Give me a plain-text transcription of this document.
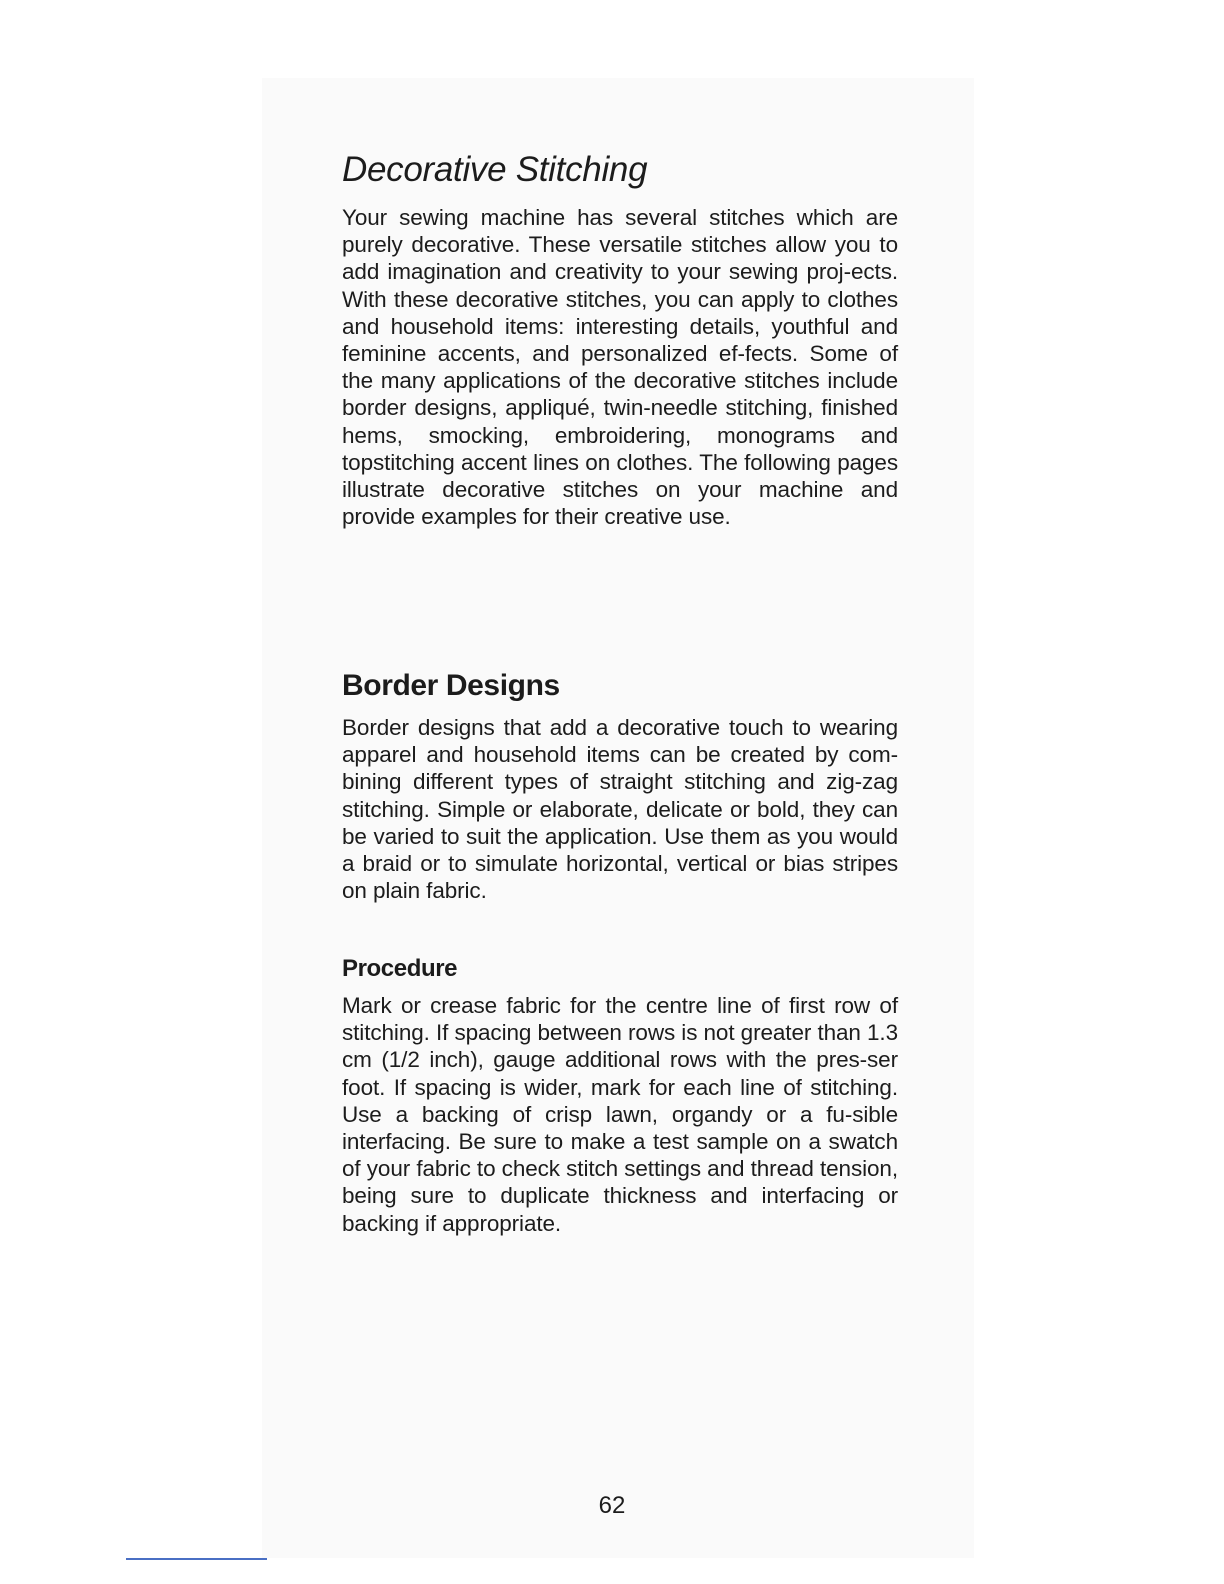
Decorative Stitching

Your sewing machine has several stitches which are purely decorative. These versatile stitches allow you to add imagination and creativity to your sewing proj-ects. With these decorative stitches, you can apply to clothes and household items: interesting details, youthful and feminine accents, and personalized ef-fects. Some of the many applications of the decorative stitches include border designs, appliqué, twin-needle stitching, finished hems, smocking, embroidering, monograms and topstitching accent lines on clothes. The following pages illustrate decorative stitches on your machine and provide examples for their creative use.

Border Designs

Border designs that add a decorative touch to wearing apparel and household items can be created by com-bining different types of straight stitching and zig-zag stitching. Simple or elaborate, delicate or bold, they can be varied to suit the application. Use them as you would a braid or to simulate horizontal, vertical or bias stripes on plain fabric.

Procedure

Mark or crease fabric for the centre line of first row of stitching. If spacing between rows is not greater than 1.3 cm (1/2 inch), gauge additional rows with the pres-ser foot. If spacing is wider, mark for each line of stitching. Use a backing of crisp lawn, organdy or a fu-sible interfacing. Be sure to make a test sample on a swatch of your fabric to check stitch settings and thread tension, being sure to duplicate thickness and interfacing or backing if appropriate.

62
